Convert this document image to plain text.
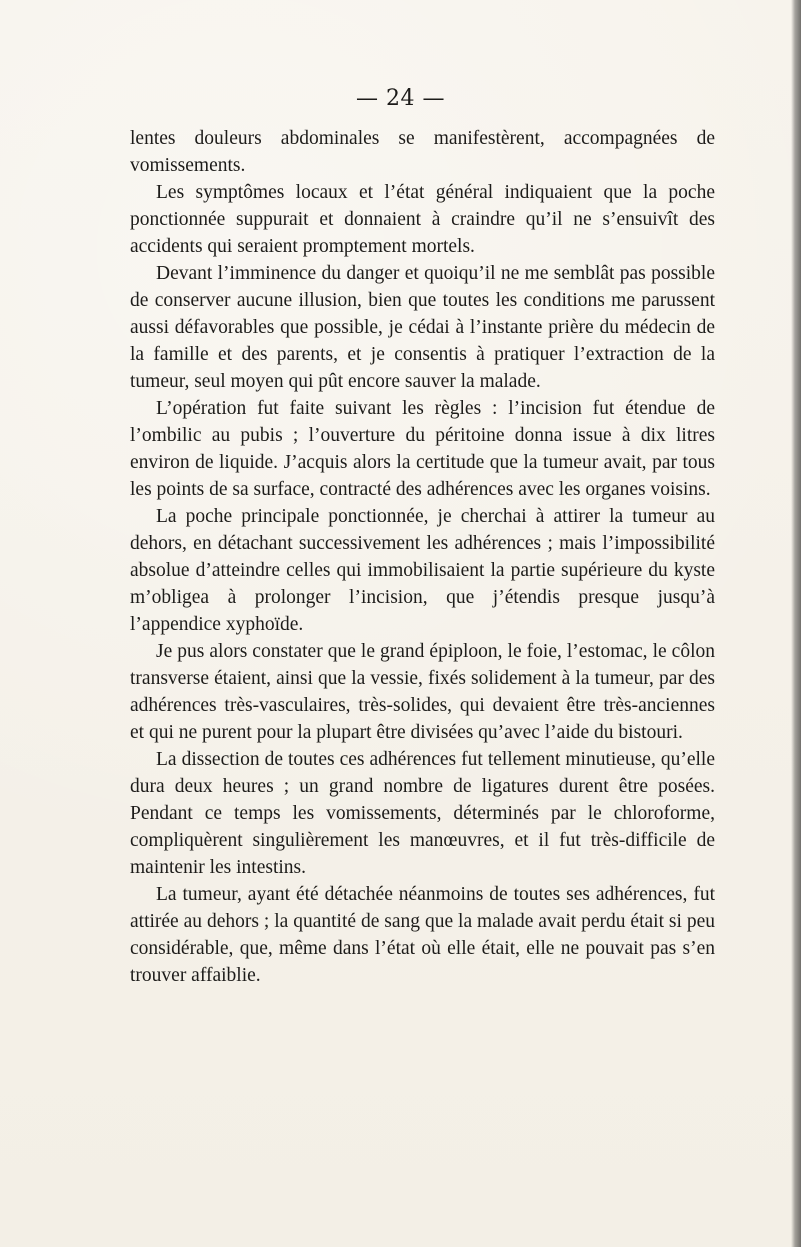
— 24 —

lentes douleurs abdominales se manifestèrent, accompagnées de vomissements.

Les symptômes locaux et l’état général indiquaient que la poche ponctionnée suppurait et donnaient à craindre qu’il ne s’ensuivît des accidents qui seraient promptement mortels.

Devant l’imminence du danger et quoiqu’il ne me semblât pas possible de conserver aucune illusion, bien que toutes les conditions me parussent aussi défavorables que possible, je cédai à l’instante prière du médecin de la famille et des parents, et je consentis à pratiquer l’extraction de la tumeur, seul moyen qui pût encore sauver la malade.

L’opération fut faite suivant les règles : l’incision fut étendue de l’ombilic au pubis ; l’ouverture du péritoine donna issue à dix litres environ de liquide. J’acquis alors la certitude que la tumeur avait, par tous les points de sa surface, contracté des adhérences avec les organes voisins.

La poche principale ponctionnée, je cherchai à attirer la tumeur au dehors, en détachant successivement les adhérences ; mais l’impossibilité absolue d’atteindre celles qui immobilisaient la partie supérieure du kyste m’obligea à prolonger l’incision, que j’étendis presque jusqu’à l’appendice xyphoïde.

Je pus alors constater que le grand épiploon, le foie, l’estomac, le côlon transverse étaient, ainsi que la vessie, fixés solidement à la tumeur, par des adhérences très-vasculaires, très-solides, qui devaient être très-anciennes et qui ne purent pour la plupart être divisées qu’avec l’aide du bistouri.

La dissection de toutes ces adhérences fut tellement minutieuse, qu’elle dura deux heures ; un grand nombre de ligatures durent être posées. Pendant ce temps les vomissements, déterminés par le chloroforme, compliquèrent singulièrement les manœuvres, et il fut très-difficile de maintenir les intestins.

La tumeur, ayant été détachée néanmoins de toutes ses adhérences, fut attirée au dehors ; la quantité de sang que la malade avait perdu était si peu considérable, que, même dans l’état où elle était, elle ne pouvait pas s’en trouver affaiblie.
